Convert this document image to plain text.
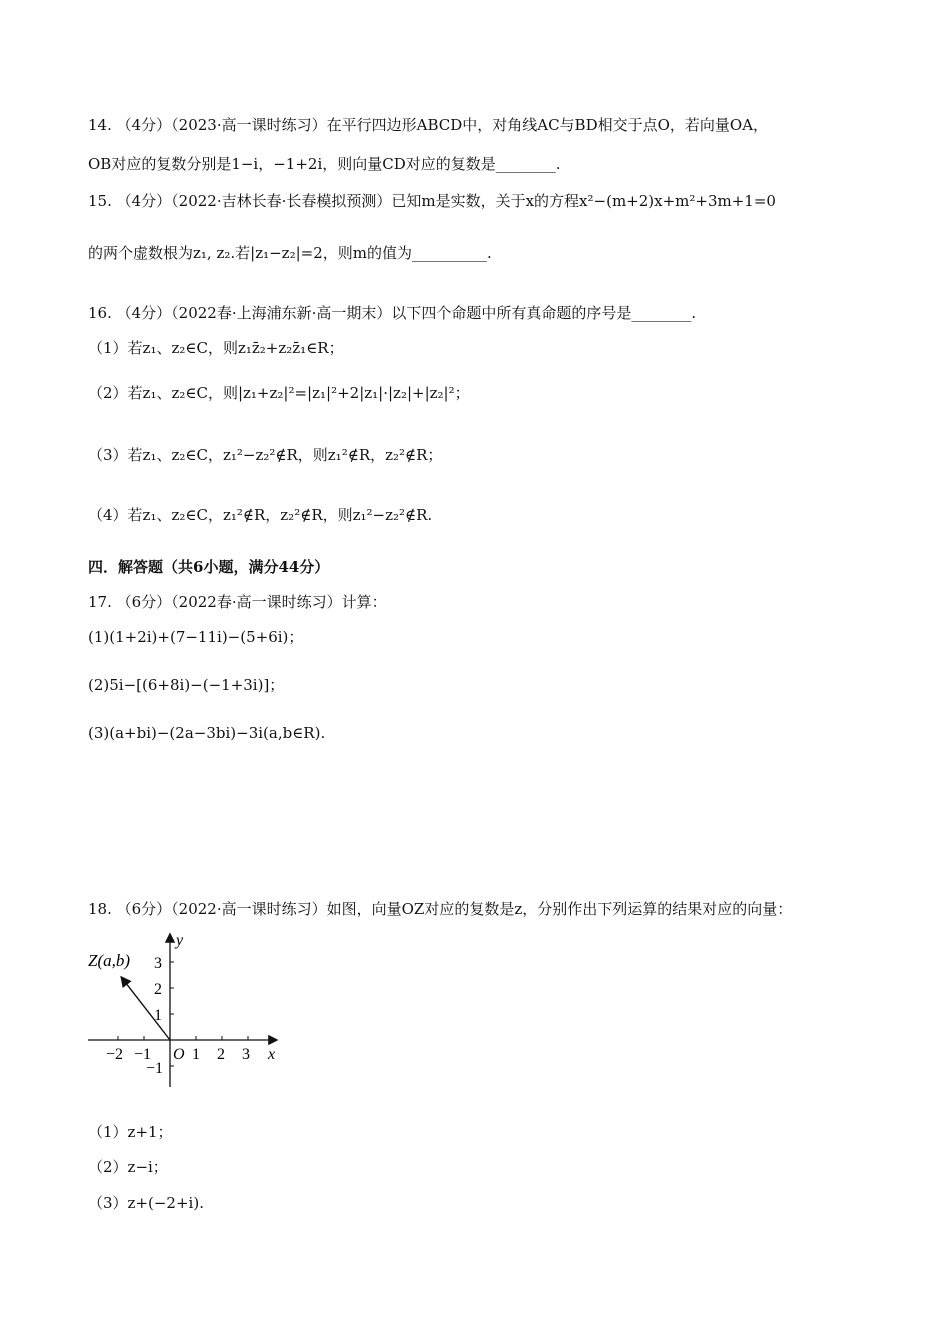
14. （4分）（2023·高一课时练习）在平行四边形ABCD中，对角线AC与BD相交于点O，若向量OA，
OB对应的复数分别是1−i，−1+2i，则向量CD对应的复数是________.
15. （4分）（2022·吉林长春·长春模拟预测）已知m是实数，关于x的方程x²−(m+2)x+m²+3m+1=0
的两个虚数根为z₁, z₂.若|z₁−z₂|=2，则m的值为__________.
16. （4分）（2022春·上海浦东新·高一期末）以下四个命题中所有真命题的序号是________.
（1）若z₁、z₂∈C，则z₁z̄₂+z₂z̄₁∈R；
（2）若z₁、z₂∈C，则|z₁+z₂|²=|z₁|²+2|z₁|·|z₂|+|z₂|²；
（3）若z₁、z₂∈C，z₁²−z₂²∉R，则z₁²∉R，z₂²∉R；
（4）若z₁、z₂∈C，z₁²∉R，z₂²∉R，则z₁²−z₂²∉R.
四．解答题（共6小题，满分44分）
17. （6分）（2022春·高一课时练习）计算：
(1)(1+2i)+(7−11i)−(5+6i)；
(2)5i−[(6+8i)−(−1+3i)]；
(3)(a+bi)−(2a−3bi)−3i(a,b∈R).
18. （6分）（2022·高一课时练习）如图，向量OZ对应的复数是z，分别作出下列运算的结果对应的向量：
Z(a,b)
y
x
O
−2 −1	1 2 3
3
2
1
−1
（1）z+1；
（2）z−i；
（3）z+(−2+i).
